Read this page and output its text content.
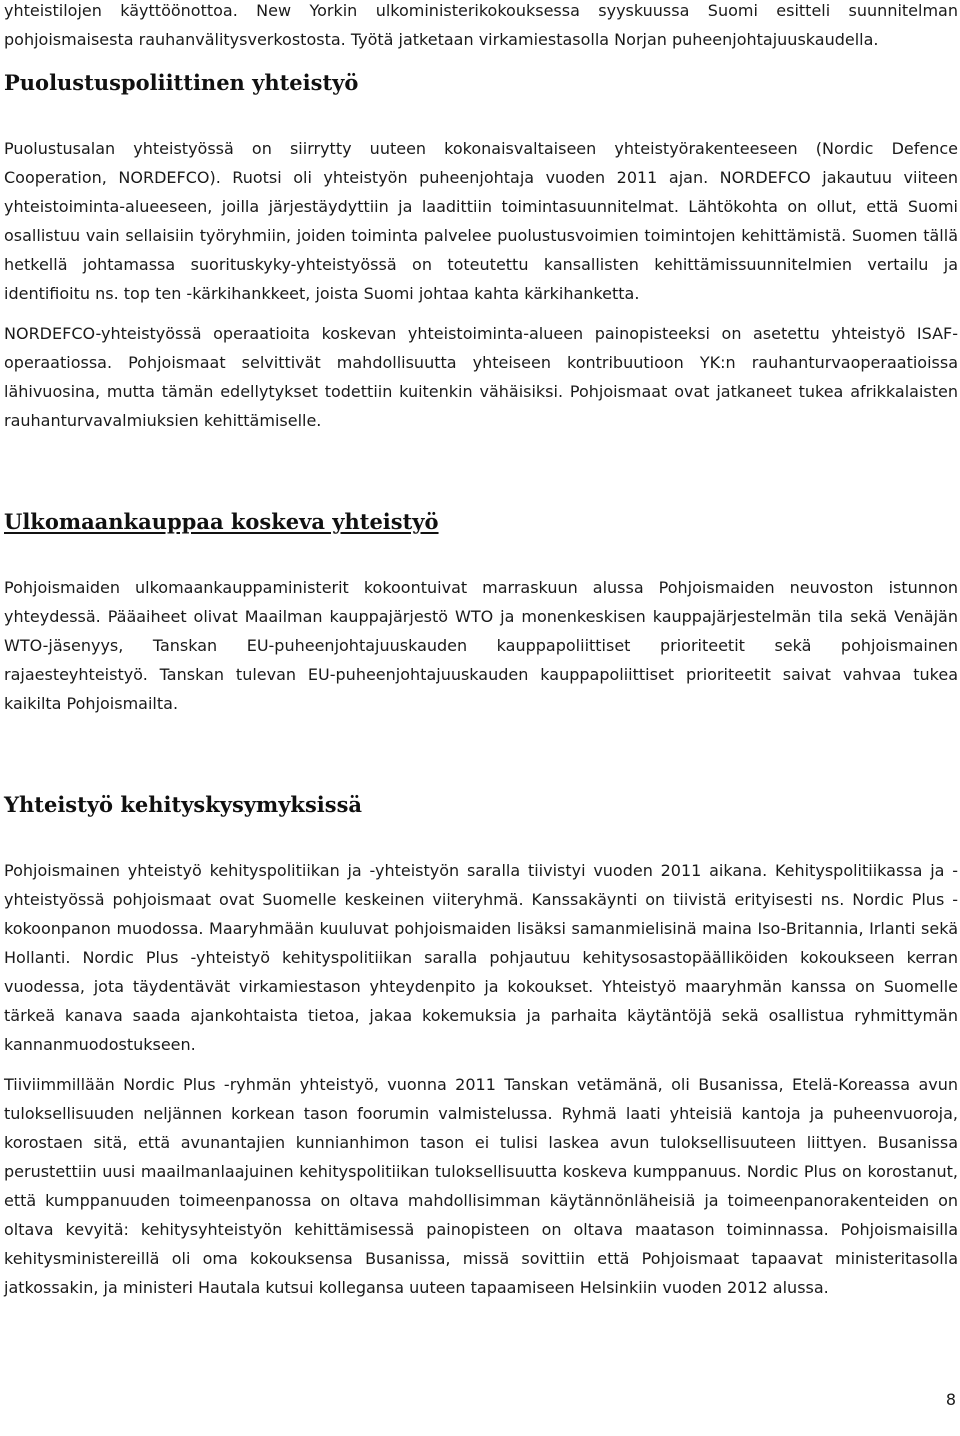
yhteistilojen käyttöönottoa. New Yorkin ulkoministerikokouksessa syyskuussa Suomi esitteli suunnitelman pohjoismaisesta rauhanvälitysverkostosta. Työtä jatketaan virkamiestasolla Norjan puheenjohtajuuskaudella.

Puolustuspoliittinen yhteistyö

Puolustusalan yhteistyössä on siirrytty uuteen kokonaisvaltaiseen yhteistyörakenteeseen (Nordic Defence Cooperation, NORDEFCO). Ruotsi oli yhteistyön puheenjohtaja vuoden 2011 ajan. NORDEFCO jakautuu viiteen yhteistoiminta-alueeseen, joilla järjestäydyttiin ja laadittiin toimintasuunnitelmat. Lähtökohta on ollut, että Suomi osallistuu vain sellaisiin työryhmiin, joiden toiminta palvelee puolustusvoimien toimintojen kehittämistä. Suomen tällä hetkellä johtamassa suorituskyky-yhteistyössä on toteutettu kansallisten kehittämissuunnitelmien vertailu ja identifioitu ns. top ten -kärkihankkeet, joista Suomi johtaa kahta kärkihanketta.

NORDEFCO-yhteistyössä operaatioita koskevan yhteistoiminta-alueen painopisteeksi on asetettu yhteistyö ISAF-operaatiossa. Pohjoismaat selvittivät mahdollisuutta yhteiseen kontribuutioon YK:n rauhanturvaoperaatioissa lähivuosina, mutta tämän edellytykset todettiin kuitenkin vähäisiksi. Pohjoismaat ovat jatkaneet tukea afrikkalaisten rauhanturvavalmiuksien kehittämiselle.

Ulkomaankauppaa koskeva yhteistyö

Pohjoismaiden ulkomaankauppaministerit kokoontuivat marraskuun alussa Pohjoismaiden neuvoston istunnon yhteydessä. Pääaiheet olivat Maailman kauppajärjestö WTO ja monenkeskisen kauppajärjestelmän tila sekä Venäjän WTO-jäsenyys, Tanskan EU-puheenjohtajuuskauden kauppapoliittiset prioriteetit sekä pohjoismainen rajaesteyhteistyö. Tanskan tulevan EU-puheenjohtajuuskauden kauppapoliittiset prioriteetit saivat vahvaa tukea kaikilta Pohjoismailta.

Yhteistyö kehityskysymyksissä

Pohjoismainen yhteistyö kehityspolitiikan ja -yhteistyön saralla tiivistyi vuoden 2011 aikana. Kehityspolitiikassa ja -yhteistyössä pohjoismaat ovat Suomelle keskeinen viiteryhmä. Kanssakäynti on tiivistä erityisesti ns. Nordic Plus -kokoonpanon muodossa. Maaryhmään kuuluvat pohjoismaiden lisäksi samanmielisinä maina Iso-Britannia, Irlanti sekä Hollanti. Nordic Plus -yhteistyö kehityspolitiikan saralla pohjautuu kehitysosastopäälliköiden kokoukseen kerran vuodessa, jota täydentävät virkamiestason yhteydenpito ja kokoukset. Yhteistyö maaryhmän kanssa on Suomelle tärkeä kanava saada ajankohtaista tietoa, jakaa kokemuksia ja parhaita käytäntöjä sekä osallistua ryhmittymän kannanmuodostukseen.

Tiiviimmillään Nordic Plus -ryhmän yhteistyö, vuonna 2011 Tanskan vetämänä, oli Busanissa, Etelä-Koreassa avun tuloksellisuuden neljännen korkean tason foorumin valmistelussa. Ryhmä laati yhteisiä kantoja ja puheenvuoroja, korostaen sitä, että avunantajien kunnianhimon tason ei tulisi laskea avun tuloksellisuuteen liittyen. Busanissa perustettiin uusi maailmanlaajuinen kehityspolitiikan tuloksellisuutta koskeva kumppanuus. Nordic Plus on korostanut, että kumppanuuden toimeenpanossa on oltava mahdollisimman käytännönläheisiä ja toimeenpanorakenteiden on oltava kevyitä: kehitysyhteistyön kehittämisessä painopisteen on oltava maatason toiminnassa. Pohjoismaisilla kehitysministereillä oli oma kokouksensa Busanissa, missä sovittiin että Pohjoismaat tapaavat ministeritasolla jatkossakin, ja ministeri Hautala kutsui kollegansa uuteen tapaamiseen Helsinkiin vuoden 2012 alussa.

8
